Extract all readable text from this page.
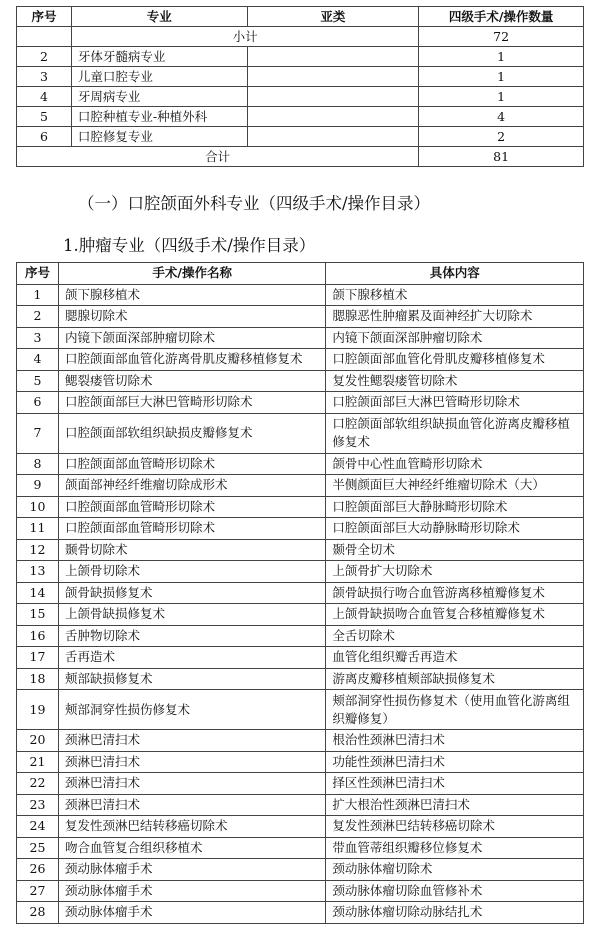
序号	专业	亚类	四级手术/操作数量
	小计		72
2	牙体牙髓病专业		1
3	儿童口腔专业		1
4	牙周病专业		1
5	口腔种植专业-种植外科		4
6	口腔修复专业		2
合计			81
（一）口腔颌面外科专业（四级手术/操作目录）
1.肿瘤专业（四级手术/操作目录）
序号	手术/操作名称	具体内容
1	颌下腺移植术	颌下腺移植术
2	腮腺切除术	腮腺恶性肿瘤累及面神经扩大切除术
3	内镜下颌面深部肿瘤切除术	内镜下颌面深部肿瘤切除术
4	口腔颌面部血管化游离骨肌皮瓣移植修复术	口腔颌面部血管化骨肌皮瓣移植修复术
5	鳃裂瘘管切除术	复发性鳃裂瘘管切除术
6	口腔颌面部巨大淋巴管畸形切除术	口腔颌面部巨大淋巴管畸形切除术
7	口腔颌面部软组织缺损皮瓣修复术	口腔颌面部软组织缺损血管化游离皮瓣移植修复术
8	口腔颌面部血管畸形切除术	颌骨中心性血管畸形切除术
9	颌面部神经纤维瘤切除成形术	半侧颜面巨大神经纤维瘤切除术（大）
10	口腔颌面部血管畸形切除术	口腔颌面部巨大静脉畸形切除术
11	口腔颌面部血管畸形切除术	口腔颌面部巨大动静脉畸形切除术
12	颞骨切除术	颞骨全切术
13	上颌骨切除术	上颌骨扩大切除术
14	颌骨缺损修复术	颌骨缺损行吻合血管游离移植瓣修复术
15	上颌骨缺损修复术	上颌骨缺损吻合血管复合移植瓣修复术
16	舌肿物切除术	全舌切除术
17	舌再造术	血管化组织瓣舌再造术
18	颊部缺损修复术	游离皮瓣移植颊部缺损修复术
19	颊部洞穿性损伤修复术	颊部洞穿性损伤修复术（使用血管化游离组织瓣修复）
20	颈淋巴清扫术	根治性颈淋巴清扫术
21	颈淋巴清扫术	功能性颈淋巴清扫术
22	颈淋巴清扫术	择区性颈淋巴清扫术
23	颈淋巴清扫术	扩大根治性颈淋巴清扫术
24	复发性颈淋巴结转移癌切除术	复发性颈淋巴结转移癌切除术
25	吻合血管复合组织移植术	带血管蒂组织瓣移位修复术
26	颈动脉体瘤手术	颈动脉体瘤切除术
27	颈动脉体瘤手术	颈动脉体瘤切除血管修补术
28	颈动脉体瘤手术	颈动脉体瘤切除动脉结扎术
